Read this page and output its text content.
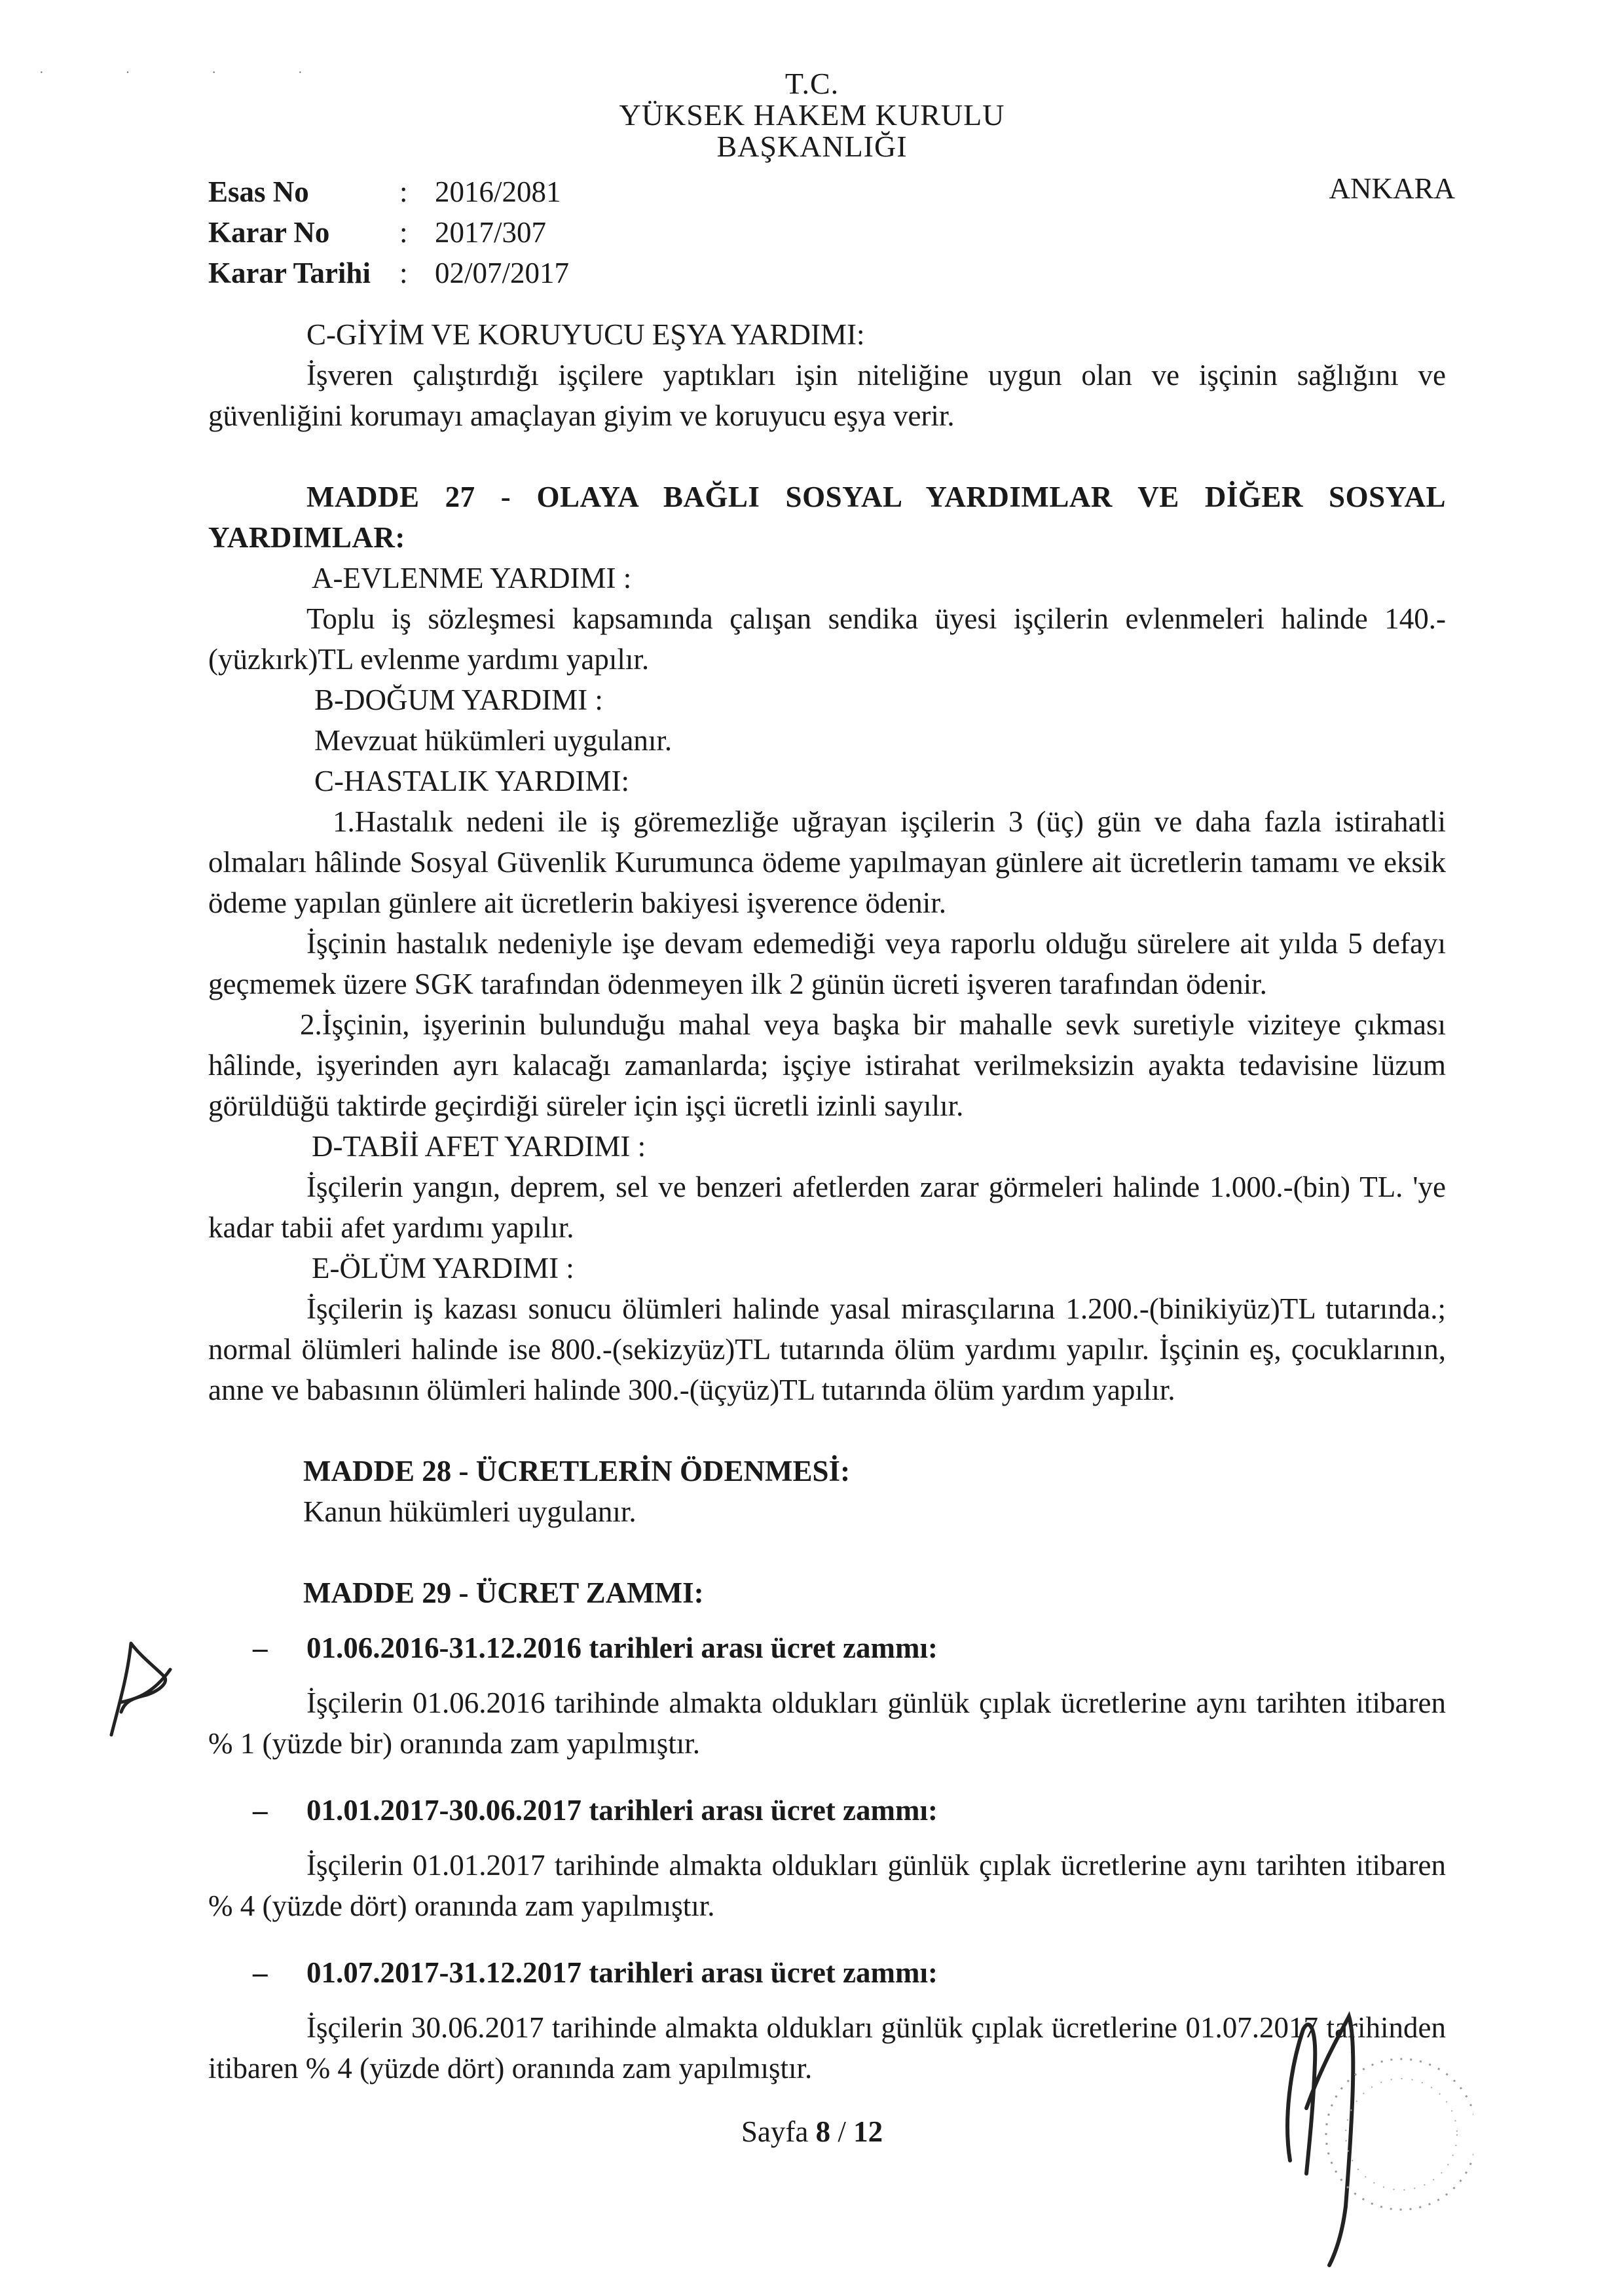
· · · ·	T.C.
YÜKSEK HAKEM KURULU
BAŞKANLIĞI
Esas No	: 2016/2081
Karar No	: 2017/307
Karar Tarihi : 02/07/2017
ANKARA

C-GİYİM VE KORUYUCU EŞYA YARDIMI:

İşveren çalıştırdığı işçilere yaptıkları işin niteliğine uygun olan ve işçinin sağlığını ve güvenliğini korumayı amaçlayan giyim ve koruyucu eşya verir.

MADDE 27 - OLAYA BAĞLI SOSYAL YARDIMLAR VE DİĞER SOSYAL YARDIMLAR:

A-EVLENME YARDIMI :

Toplu iş sözleşmesi kapsamında çalışan sendika üyesi işçilerin evlenmeleri halinde 140.-(yüzkırk)TL evlenme yardımı yapılır.

B-DOĞUM YARDIMI :

Mevzuat hükümleri uygulanır.

C-HASTALIK YARDIMI:

1.Hastalık nedeni ile iş göremezliğe uğrayan işçilerin 3 (üç) gün ve daha fazla istirahatli olmaları hâlinde Sosyal Güvenlik Kurumunca ödeme yapılmayan günlere ait ücretlerin tamamı ve eksik ödeme yapılan günlere ait ücretlerin bakiyesi işverence ödenir.

İşçinin hastalık nedeniyle işe devam edemediği veya raporlu olduğu sürelere ait yılda 5 defayı geçmemek üzere SGK tarafından ödenmeyen ilk 2 günün ücreti işveren tarafından ödenir.

2.İşçinin, işyerinin bulunduğu mahal veya başka bir mahalle sevk suretiyle viziteye çıkması hâlinde, işyerinden ayrı kalacağı zamanlarda; işçiye istirahat verilmeksizin ayakta tedavisine lüzum görüldüğü taktirde geçirdiği süreler için işçi ücretli izinli sayılır.

D-TABİİ AFET YARDIMI :

İşçilerin yangın, deprem, sel ve benzeri afetlerden zarar görmeleri halinde 1.000.-(bin) TL. 'ye kadar tabii afet yardımı yapılır.

E-ÖLÜM YARDIMI :

İşçilerin iş kazası sonucu ölümleri halinde yasal mirasçılarına 1.200.-(binikiyüz)TL tutarında.; normal ölümleri halinde ise 800.-(sekizyüz)TL tutarında ölüm yardımı yapılır. İşçinin eş, çocuklarının, anne ve babasının ölümleri halinde 300.-(üçyüz)TL tutarında ölüm yardım yapılır.

MADDE 28 - ÜCRETLERİN ÖDENMESİ:

Kanun hükümleri uygulanır.

MADDE 29 - ÜCRET ZAMMI:

–	01.06.2016-31.12.2016 tarihleri arası ücret zammı:

İşçilerin 01.06.2016 tarihinde almakta oldukları günlük çıplak ücretlerine aynı tarihten itibaren % 1 (yüzde bir) oranında zam yapılmıştır.

–	01.01.2017-30.06.2017 tarihleri arası ücret zammı:

İşçilerin 01.01.2017 tarihinde almakta oldukları günlük çıplak ücretlerine aynı tarihten itibaren % 4 (yüzde dört) oranında zam yapılmıştır.

–	01.07.2017-31.12.2017 tarihleri arası ücret zammı:

İşçilerin 30.06.2017 tarihinde almakta oldukları günlük çıplak ücretlerine 01.07.2017 tarihinden itibaren % 4 (yüzde dört) oranında zam yapılmıştır.

Sayfa 8 / 12
